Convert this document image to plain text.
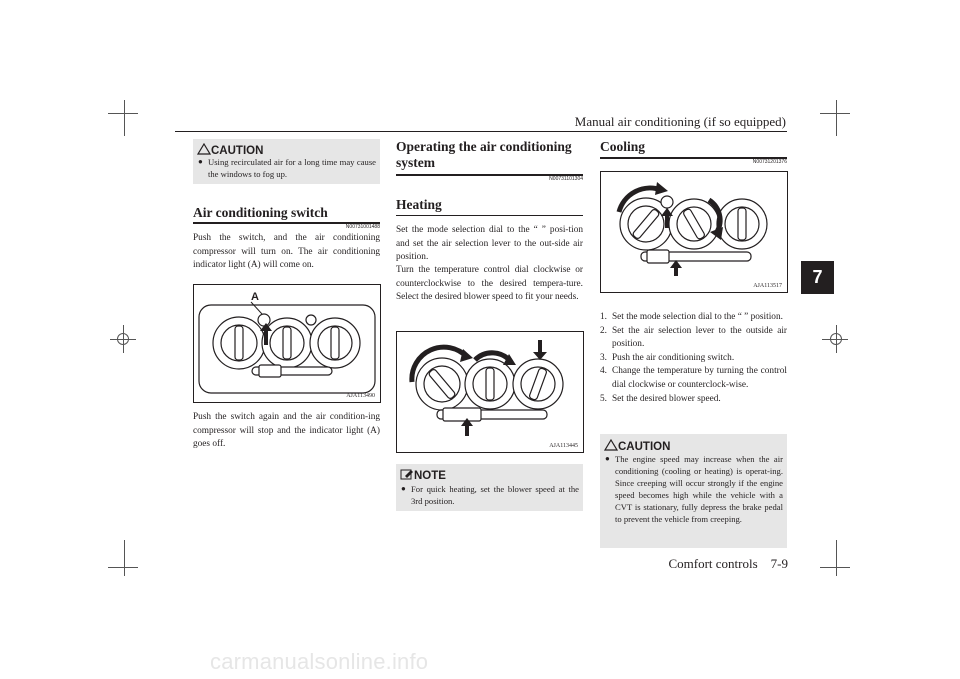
Manual air conditioning (if so equipped)
7
CAUTION
● Using recirculated air for a long time may cause the windows to fog up.
Air conditioning switch
N00731001488
Push the switch, and the air conditioning compressor will turn on. The air conditioning indicator light (A) will come on.
A
AJA113490
Push the switch again and the air condition-ing compressor will stop and the indicator light (A) goes off.
Operating the air conditioning system
N00731101304
Heating
Set the mode selection dial to the “ ” posi-tion and set the air selection lever to the out-side air position.
Turn the temperature control dial clockwise or counterclockwise to the desired tempera-ture. Select the desired blower speed to fit your needs.
AJA113445
NOTE
● For quick heating, set the blower speed at the 3rd position.
Cooling
N00731201376
AJA113517
1. Set the mode selection dial to the “ ” position.
2. Set the air selection lever to the outside air position.
3. Push the air conditioning switch.
4. Change the temperature by turning the control dial clockwise or counterclock-wise.
5. Set the desired blower speed.
CAUTION
● The engine speed may increase when the air conditioning (cooling or heating) is operat-ing. Since creeping will occur strongly if the engine speed becomes high while the vehicle with a CVT is stationary, fully depress the brake pedal to prevent the vehicle from creeping.
Comfort controls 7-9
carmanualsonline.info
